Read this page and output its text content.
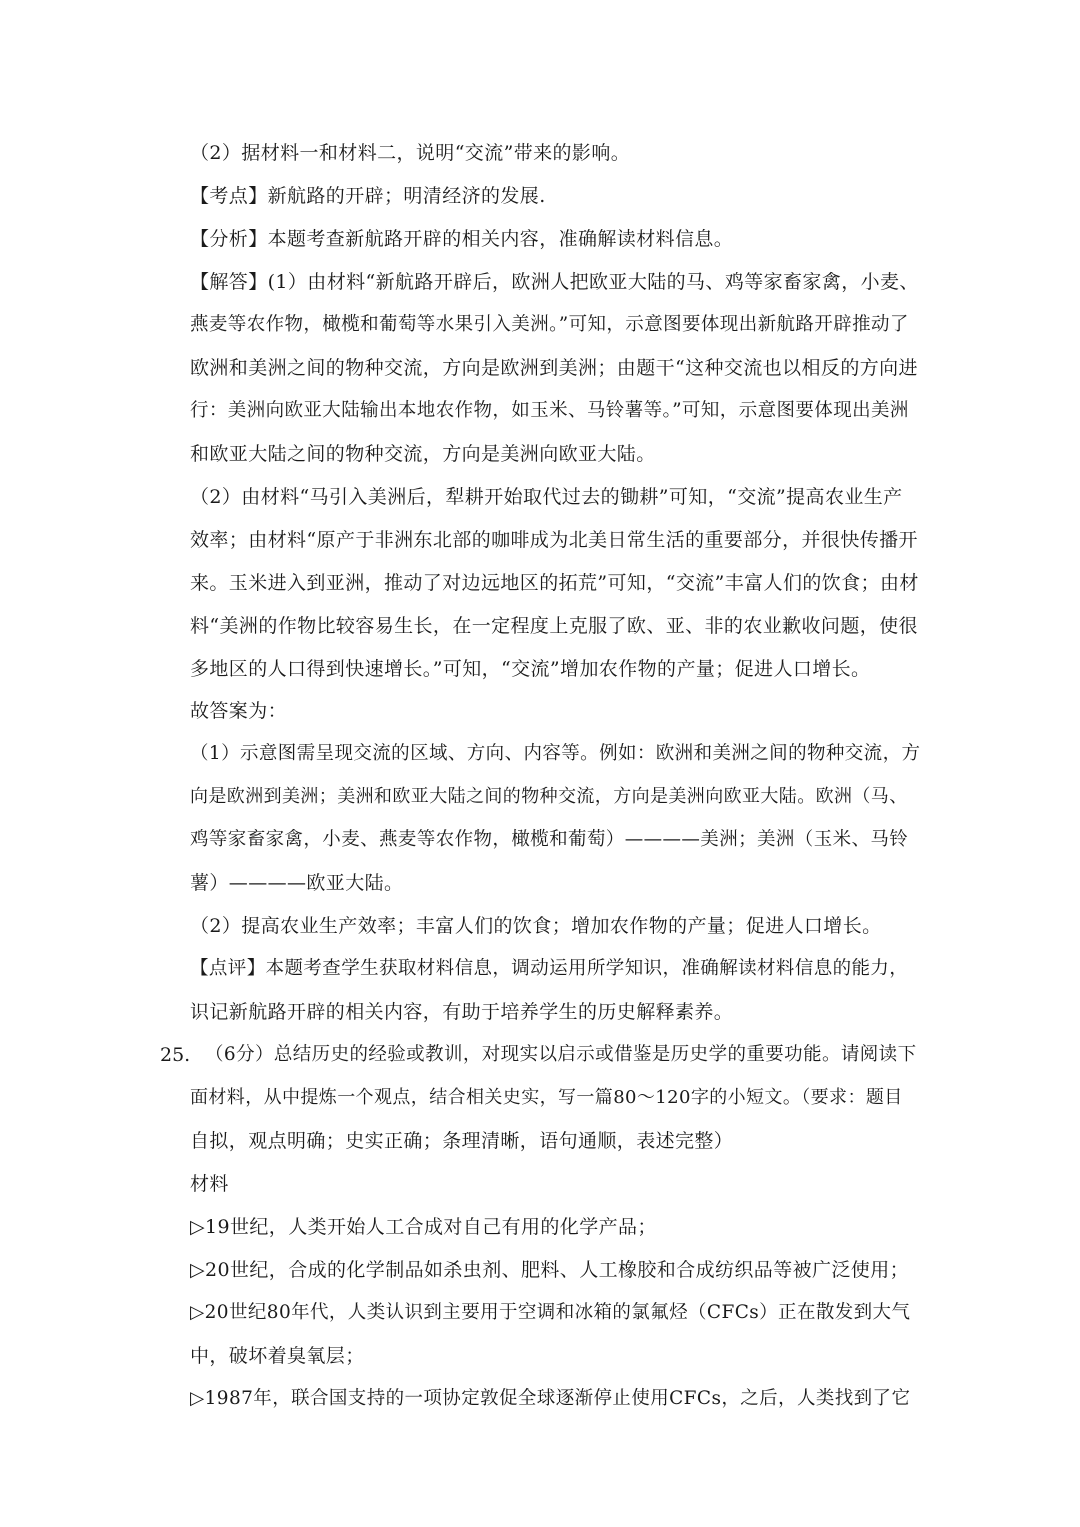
（2）据材料一和材料二，说明“交流”带来的影响。
【考点】新航路的开辟；明清经济的发展.
【分析】本题考查新航路开辟的相关内容，准确解读材料信息。
【解答】(1）由材料“新航路开辟后，欧洲人把欧亚大陆的马、鸡等家畜家禽，小麦、
燕麦等农作物，橄榄和葡萄等水果引入美洲。”可知，示意图要体现出新航路开辟推动了
欧洲和美洲之间的物种交流，方向是欧洲到美洲；由题干“这种交流也以相反的方向进
行：美洲向欧亚大陆输出本地农作物，如玉米、马铃薯等。”可知，示意图要体现出美洲
和欧亚大陆之间的物种交流，方向是美洲向欧亚大陆。
（2）由材料“马引入美洲后，犁耕开始取代过去的锄耕”可知，“交流”提高农业生产
效率；由材料“原产于非洲东北部的咖啡成为北美日常生活的重要部分，并很快传播开
来。玉米进入到亚洲，推动了对边远地区的拓荒”可知，“交流”丰富人们的饮食；由材
料“美洲的作物比较容易生长，在一定程度上克服了欧、亚、非的农业歉收问题，使很
多地区的人口得到快速增长。”可知，“交流”增加农作物的产量；促进人口增长。
故答案为：
（1）示意图需呈现交流的区域、方向、内容等。例如：欧洲和美洲之间的物种交流，方
向是欧洲到美洲；美洲和欧亚大陆之间的物种交流，方向是美洲向欧亚大陆。欧洲（马、
鸡等家畜家禽，小麦、燕麦等农作物，橄榄和葡萄）————美洲；美洲（玉米、马铃
薯）————欧亚大陆。
（2）提高农业生产效率；丰富人们的饮食；增加农作物的产量；促进人口增长。
【点评】本题考查学生获取材料信息，调动运用所学知识，准确解读材料信息的能力，
识记新航路开辟的相关内容，有助于培养学生的历史解释素养。
25. （6分）总结历史的经验或教训，对现实以启示或借鉴是历史学的重要功能。请阅读下
面材料，从中提炼一个观点，结合相关史实，写一篇80～120字的小短文。（要求：题目
自拟，观点明确；史实正确；条理清晰，语句通顺，表述完整）
材料
▷19世纪，人类开始人工合成对自己有用的化学产品；
▷20世纪，合成的化学制品如杀虫剂、肥料、人工橡胶和合成纺织品等被广泛使用；
▷20世纪80年代，人类认识到主要用于空调和冰箱的氯氟烃（CFCs）正在散发到大气
中，破坏着臭氧层；
▷1987年，联合国支持的一项协定敦促全球逐渐停止使用CFCs，之后，人类找到了它
